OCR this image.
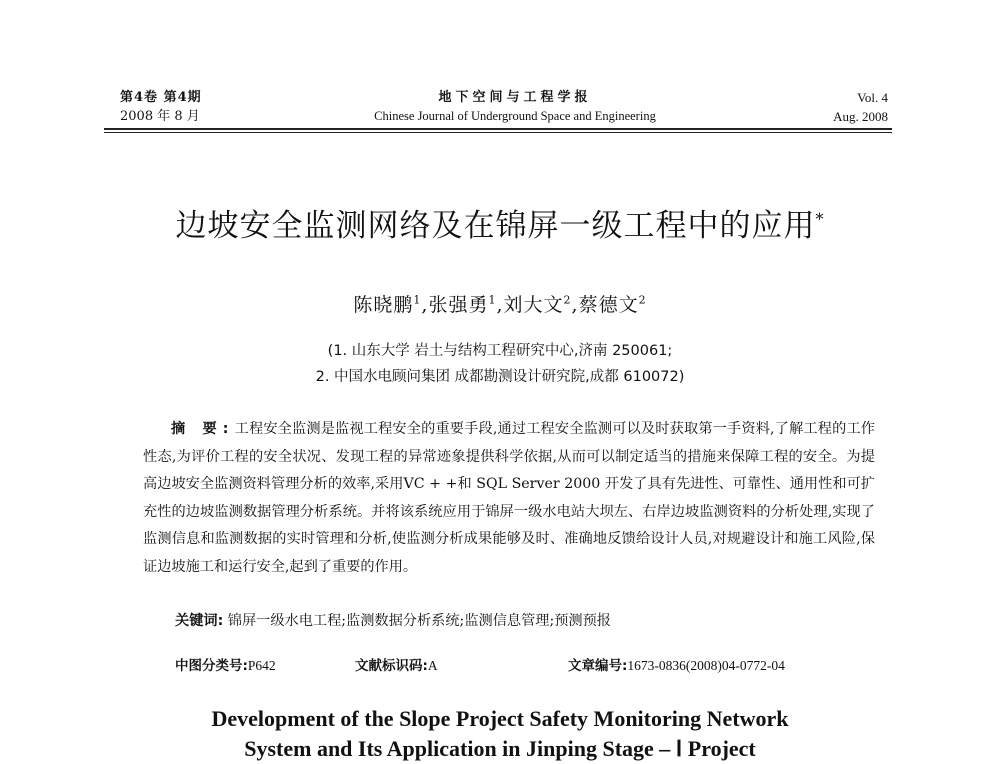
第4卷 第4期
2008 年 8 月
地下空间与工程学报
Chinese Journal of Underground Space and Engineering
Vol. 4
Aug. 2008
边坡安全监测网络及在锦屏一级工程中的应用*
陈晓鹏$^1$,张强勇$^1$,刘大文$^2$,蔡德文$^2$
(1. 山东大学 岩土与结构工程研究中心,济南 250061;
2. 中国水电顾问集团 成都勘测设计研究院,成都 610072)
摘 要:工程安全监测是监视工程安全的重要手段,通过工程安全监测可以及时获取第一手资料,了解工程的工作性态,为评价工程的安全状况、发现工程的异常迹象提供科学依据,从而可以制定适当的措施来保障工程的安全。为提高边坡安全监测资料管理分析的效率,采用VC + +和 SQL Server 2000 开发了具有先进性、可靠性、通用性和可扩充性的边坡监测数据管理分析系统。并将该系统应用于锦屏一级水电站大坝左、右岸边坡监测资料的分析处理,实现了监测信息和监测数据的实时管理和分析,使监测分析成果能够及时、准确地反馈给设计人员,对规避设计和施工风险,保证边坡施工和运行安全,起到了重要的作用。
关键词: 锦屏一级水电工程;监测数据分析系统;监测信息管理;预测预报
中图分类号:P642	文献标识码:A	文章编号:1673-0836(2008)04-0772-04
Development of the Slope Project Safety Monitoring Network
System and Its Application in Jinping Stage – Ⅰ Project
